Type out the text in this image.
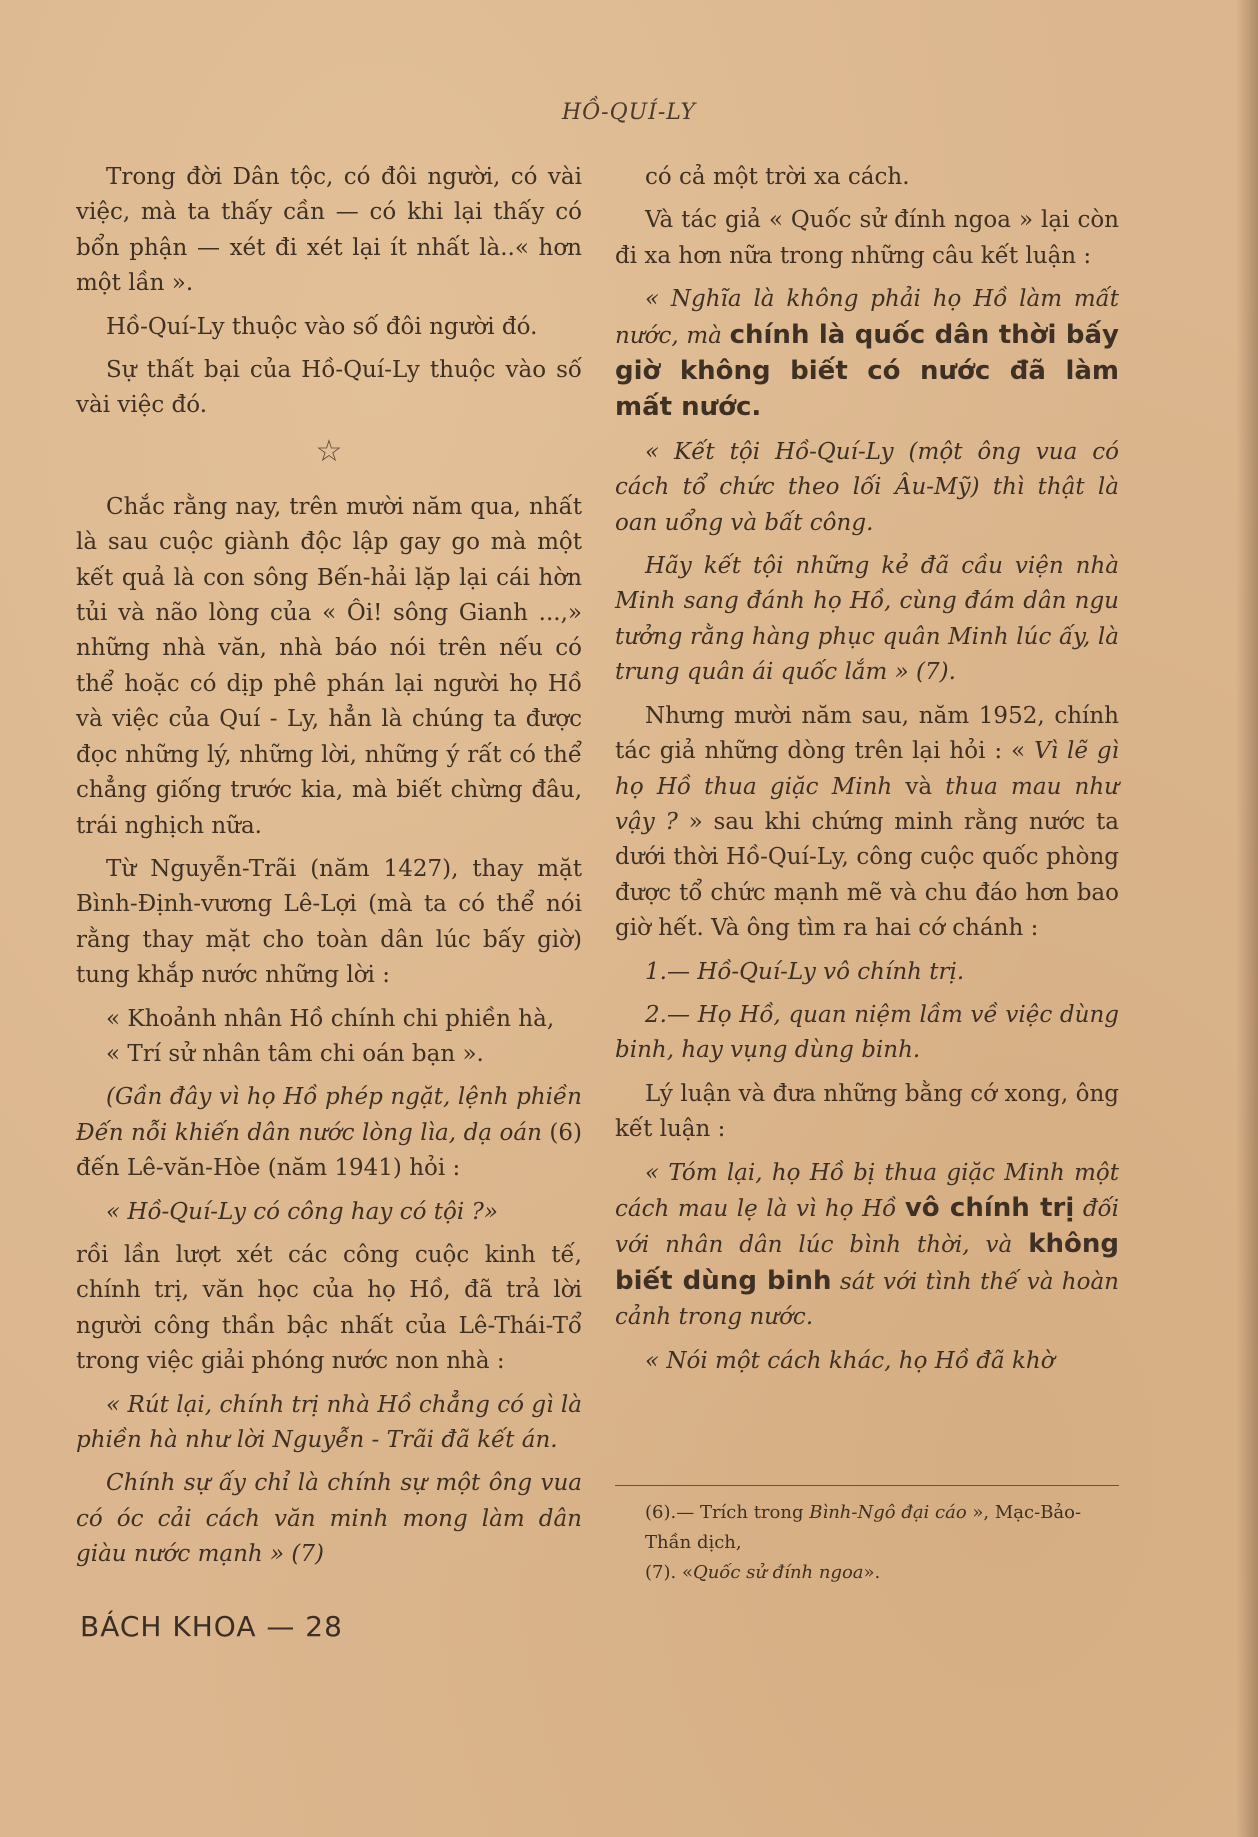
HỒ-QUÍ-LY

Trong đời Dân tộc, có đôi người, có vài việc, mà ta thấy cần — có khi lại thấy có bổn phận — xét đi xét lại ít nhất là..« hơn một lần ».

Hồ-Quí-Ly thuộc vào số đôi người đó.

Sự thất bại của Hồ-Quí-Ly thuộc vào số vài việc đó.

☆

Chắc rằng nay, trên mười năm qua, nhất là sau cuộc giành độc lập gay go mà một kết quả là con sông Bến-hải lặp lại cái hờn tủi và não lòng của « Ôi! sông Gianh ...,» những nhà văn, nhà báo nói trên nếu có thể hoặc có dịp phê phán lại người họ Hồ và việc của Quí - Ly, hẳn là chúng ta được đọc những lý, những lời, những ý rất có thể chẳng giống trước kia, mà biết chừng đâu, trái nghịch nữa.

Từ Nguyễn-Trãi (năm 1427), thay mặt Bình-Định-vương Lê-Lợi (mà ta có thể nói rằng thay mặt cho toàn dân lúc bấy giờ) tung khắp nước những lời :

« Khoảnh nhân Hồ chính chi phiền hà,

« Trí sử nhân tâm chi oán bạn ».

(Gần đây vì họ Hồ phép ngặt, lệnh phiền Đến nỗi khiến dân nước lòng lìa, dạ oán (6) đến Lê-văn-Hòe (năm 1941) hỏi :

« Hồ-Quí-Ly có công hay có tội ?»

rồi lần lượt xét các công cuộc kinh tế, chính trị, văn học của họ Hồ, đã trả lời người công thần bậc nhất của Lê-Thái-Tổ trong việc giải phóng nước non nhà :

« Rút lại, chính trị nhà Hồ chẳng có gì là phiền hà như lời Nguyễn - Trãi đã kết án.

Chính sự ấy chỉ là chính sự một ông vua có óc cải cách văn minh mong làm dân giàu nước mạnh » (7)

có cả một trời xa cách.

Và tác giả « Quốc sử đính ngoa » lại còn đi xa hơn nữa trong những câu kết luận :

« Nghĩa là không phải họ Hồ làm mất nước, mà chính là quốc dân thời bấy giờ không biết có nước đã làm mất nước.

« Kết tội Hồ-Quí-Ly (một ông vua có cách tổ chức theo lối Âu-Mỹ) thì thật là oan uổng và bất công.

Hãy kết tội những kẻ đã cầu viện nhà Minh sang đánh họ Hồ, cùng đám dân ngu tưởng rằng hàng phục quân Minh lúc ấy, là trung quân ái quốc lắm » (7).

Nhưng mười năm sau, năm 1952, chính tác giả những dòng trên lại hỏi : « Vì lẽ gì họ Hồ thua giặc Minh và thua mau như vậy ? » sau khi chứng minh rằng nước ta dưới thời Hồ-Quí-Ly, công cuộc quốc phòng được tổ chức mạnh mẽ và chu đáo hơn bao giờ hết. Và ông tìm ra hai cớ chánh :

1.— Hồ-Quí-Ly vô chính trị.

2.— Họ Hồ, quan niệm lầm về việc dùng binh, hay vụng dùng binh.

Lý luận và đưa những bằng cớ xong, ông kết luận :

« Tóm lại, họ Hồ bị thua giặc Minh một cách mau lẹ là vì họ Hồ vô chính trị đối với nhân dân lúc bình thời, và không biết dùng binh sát với tình thế và hoàn cảnh trong nước.

« Nói một cách khác, họ Hồ đã khờ

(6).— Trích trong Bình-Ngô đại cáo », Mạc-Bảo-Thần dịch,

(7). «Quốc sử đính ngoa».

BÁCH KHOA — 28
